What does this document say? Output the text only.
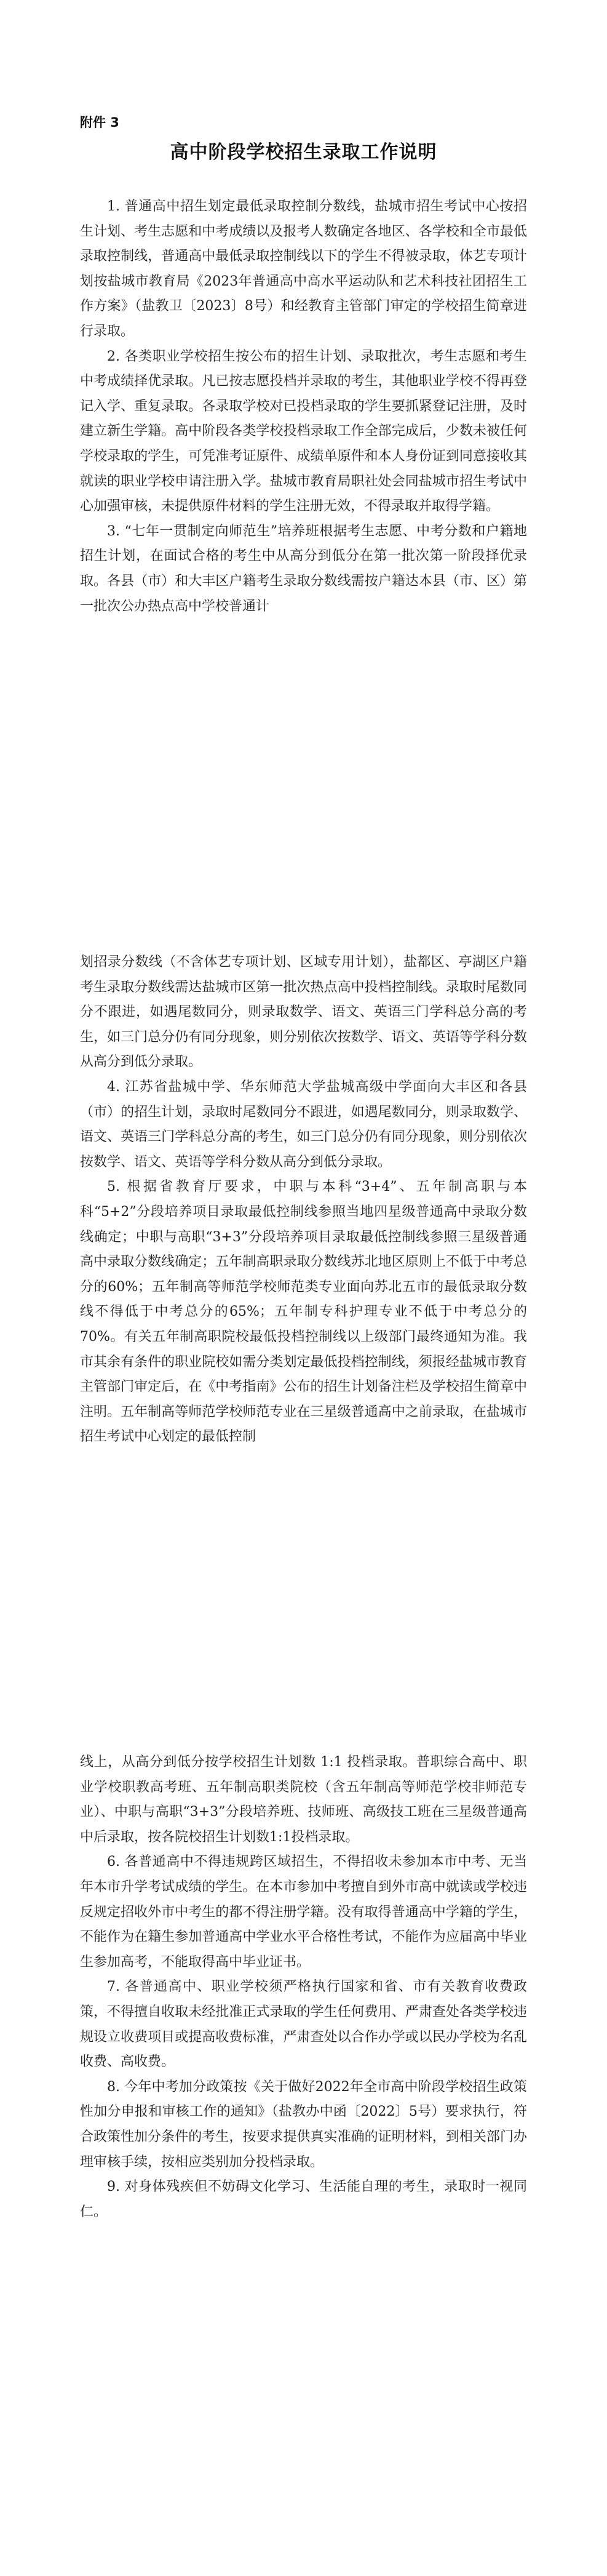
附件 3
高中阶段学校招生录取工作说明

1. 普通高中招生划定最低录取控制分数线，盐城市招生考试中心按招生计划、考生志愿和中考成绩以及报考人数确定各地区、各学校和全市最低录取控制线，普通高中最低录取控制线以下的学生不得被录取，体艺专项计划按盐城市教育局《2023年普通高中高水平运动队和艺术科技社团招生工作方案》（盐教卫〔2023〕8号）和经教育主管部门审定的学校招生简章进行录取。

2. 各类职业学校招生按公布的招生计划、录取批次，考生志愿和考生中考成绩择优录取。凡已按志愿投档并录取的考生，其他职业学校不得再登记入学、重复录取。各录取学校对已投档录取的学生要抓紧登记注册，及时建立新生学籍。高中阶段各类学校投档录取工作全部完成后，少数未被任何学校录取的学生，可凭准考证原件、成绩单原件和本人身份证到同意接收其就读的职业学校申请注册入学。盐城市教育局职社处会同盐城市招生考试中心加强审核，未提供原件材料的学生注册无效，不得录取并取得学籍。

3. “七年一贯制定向师范生”培养班根据考生志愿、中考分数和户籍地招生计划，在面试合格的考生中从高分到低分在第一批次第一阶段择优录取。各县（市）和大丰区户籍考生录取分数线需按户籍达本县（市、区）第一批次公办热点高中学校普通计

划招录分数线（不含体艺专项计划、区域专用计划），盐都区、亭湖区户籍考生录取分数线需达盐城市区第一批次热点高中投档控制线。录取时尾数同分不跟进，如遇尾数同分，则录取数学、语文、英语三门学科总分高的考生，如三门总分仍有同分现象，则分别依次按数学、语文、英语等学科分数从高分到低分录取。

4. 江苏省盐城中学、华东师范大学盐城高级中学面向大丰区和各县（市）的招生计划，录取时尾数同分不跟进，如遇尾数同分，则录取数学、语文、英语三门学科总分高的考生，如三门总分仍有同分现象，则分别依次按数学、语文、英语等学科分数从高分到低分录取。

5. 根据省教育厅要求，中职与本科“3+4”、五年制高职与本科“5+2”分段培养项目录取最低控制线参照当地四星级普通高中录取分数线确定；中职与高职“3+3”分段培养项目录取最低控制线参照三星级普通高中录取分数线确定；五年制高职录取分数线苏北地区原则上不低于中考总分的60%；五年制高等师范学校师范类专业面向苏北五市的最低录取分数线不得低于中考总分的65%；五年制专科护理专业不低于中考总分的70%。有关五年制高职院校最低投档控制线以上级部门最终通知为准。我市其余有条件的职业院校如需分类划定最低投档控制线，须报经盐城市教育主管部门审定后，在《中考指南》公布的招生计划备注栏及学校招生简章中注明。五年制高等师范学校师范专业在三星级普通高中之前录取，在盐城市招生考试中心划定的最低控制

线上，从高分到低分按学校招生计划数 1:1 投档录取。普职综合高中、职业学校职教高考班、五年制高职类院校（含五年制高等师范学校非师范专业）、中职与高职“3+3”分段培养班、技师班、高级技工班在三星级普通高中后录取，按各院校招生计划数1:1投档录取。

6. 各普通高中不得违规跨区域招生，不得招收未参加本市中考、无当年本市升学考试成绩的学生。在本市参加中考擅自到外市高中就读或学校违反规定招收外市中考生的都不得注册学籍。没有取得普通高中学籍的学生，不能作为在籍生参加普通高中学业水平合格性考试，不能作为应届高中毕业生参加高考，不能取得高中毕业证书。

7. 各普通高中、职业学校须严格执行国家和省、市有关教育收费政策，不得擅自收取未经批准正式录取的学生任何费用、严肃查处各类学校违规设立收费项目或提高收费标准，严肃查处以合作办学或以民办学校为名乱收费、高收费。

8. 今年中考加分政策按《关于做好2022年全市高中阶段学校招生政策性加分申报和审核工作的通知》（盐教办中函〔2022〕5号）要求执行，符合政策性加分条件的考生，按要求提供真实准确的证明材料，到相关部门办理审核手续，按相应类别加分投档录取。

9. 对身体残疾但不妨碍文化学习、生活能自理的考生，录取时一视同仁。
